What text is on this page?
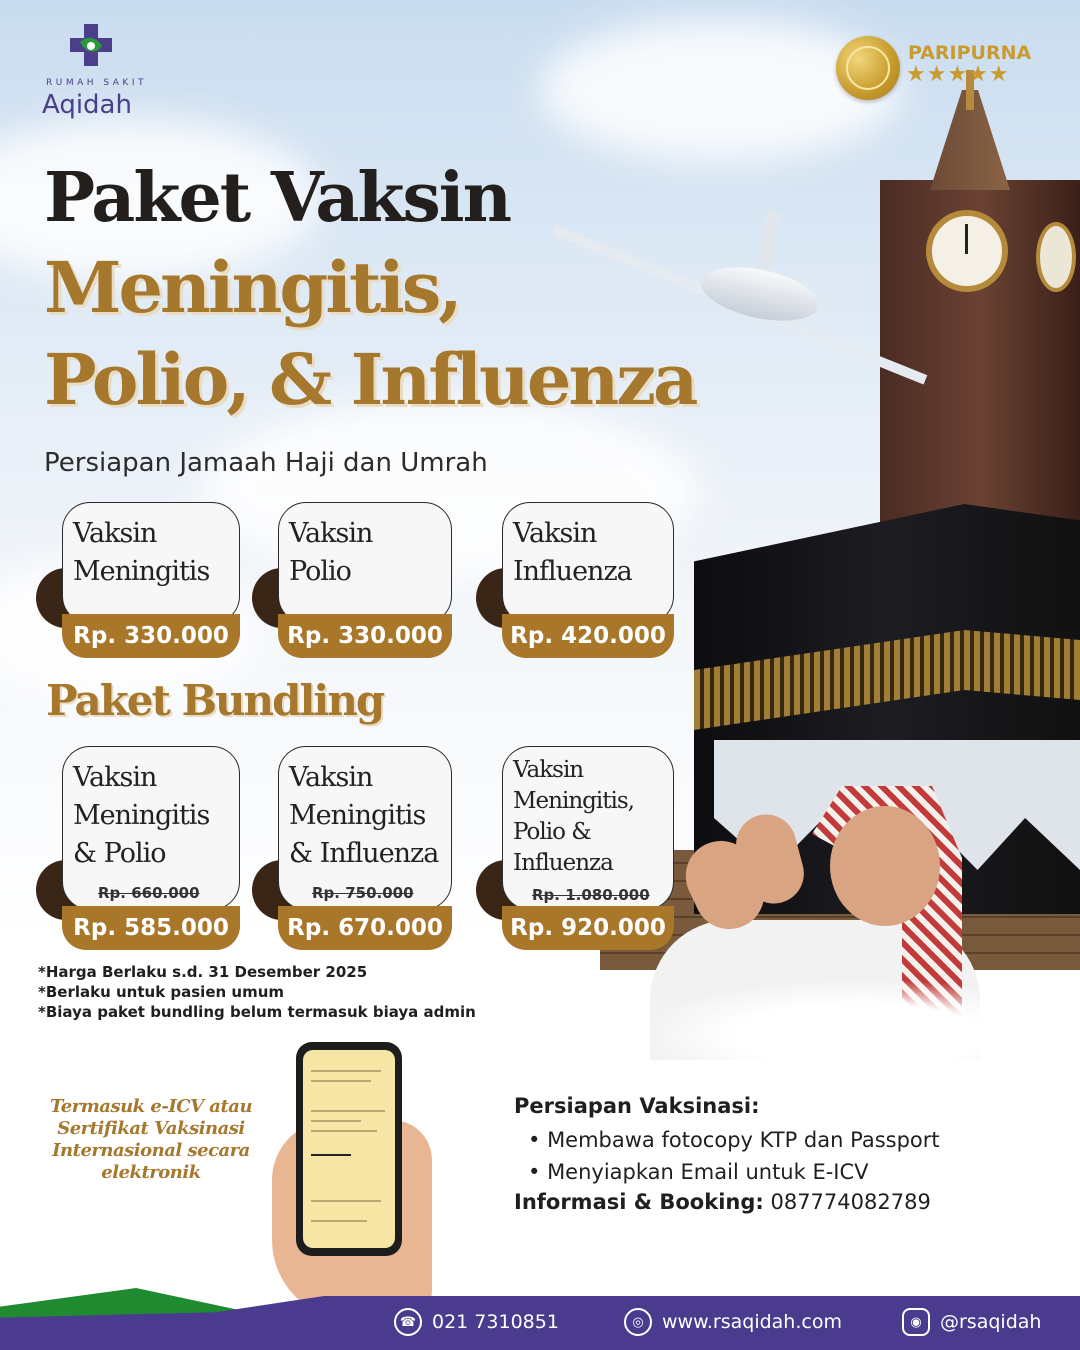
RUMAH SAKIT
Aqidah
PARIPURNA
★★★★★
Paket Vaksin
Meningitis,
Polio, & Influenza
Persiapan Jamaah Haji dan Umrah
Vaksin
Meningitis
Rp. 330.000
Vaksin
Polio
Rp. 330.000
Vaksin
Influenza
Rp. 420.000
Paket Bundling
Vaksin
Meningitis
& Polio
Rp. 660.000
Rp. 585.000
Vaksin
Meningitis
& Influenza
Rp. 750.000
Rp. 670.000
Vaksin
Meningitis,
Polio &
Influenza
Rp. 1.080.000
Rp. 920.000
*Harga Berlaku s.d. 31 Desember 2025
*Berlaku untuk pasien umum
*Biaya paket bundling belum termasuk biaya admin
Termasuk e-ICV atau Sertifikat Vaksinasi Internasional secara elektronik
Persiapan Vaksinasi:
• Membawa fotocopy KTP dan Passport
• Menyiapkan Email untuk E-ICV
Informasi & Booking: 087774082789
☎ 021 7310851	◎ www.rsaqidah.com	◉ @rsaqidah
